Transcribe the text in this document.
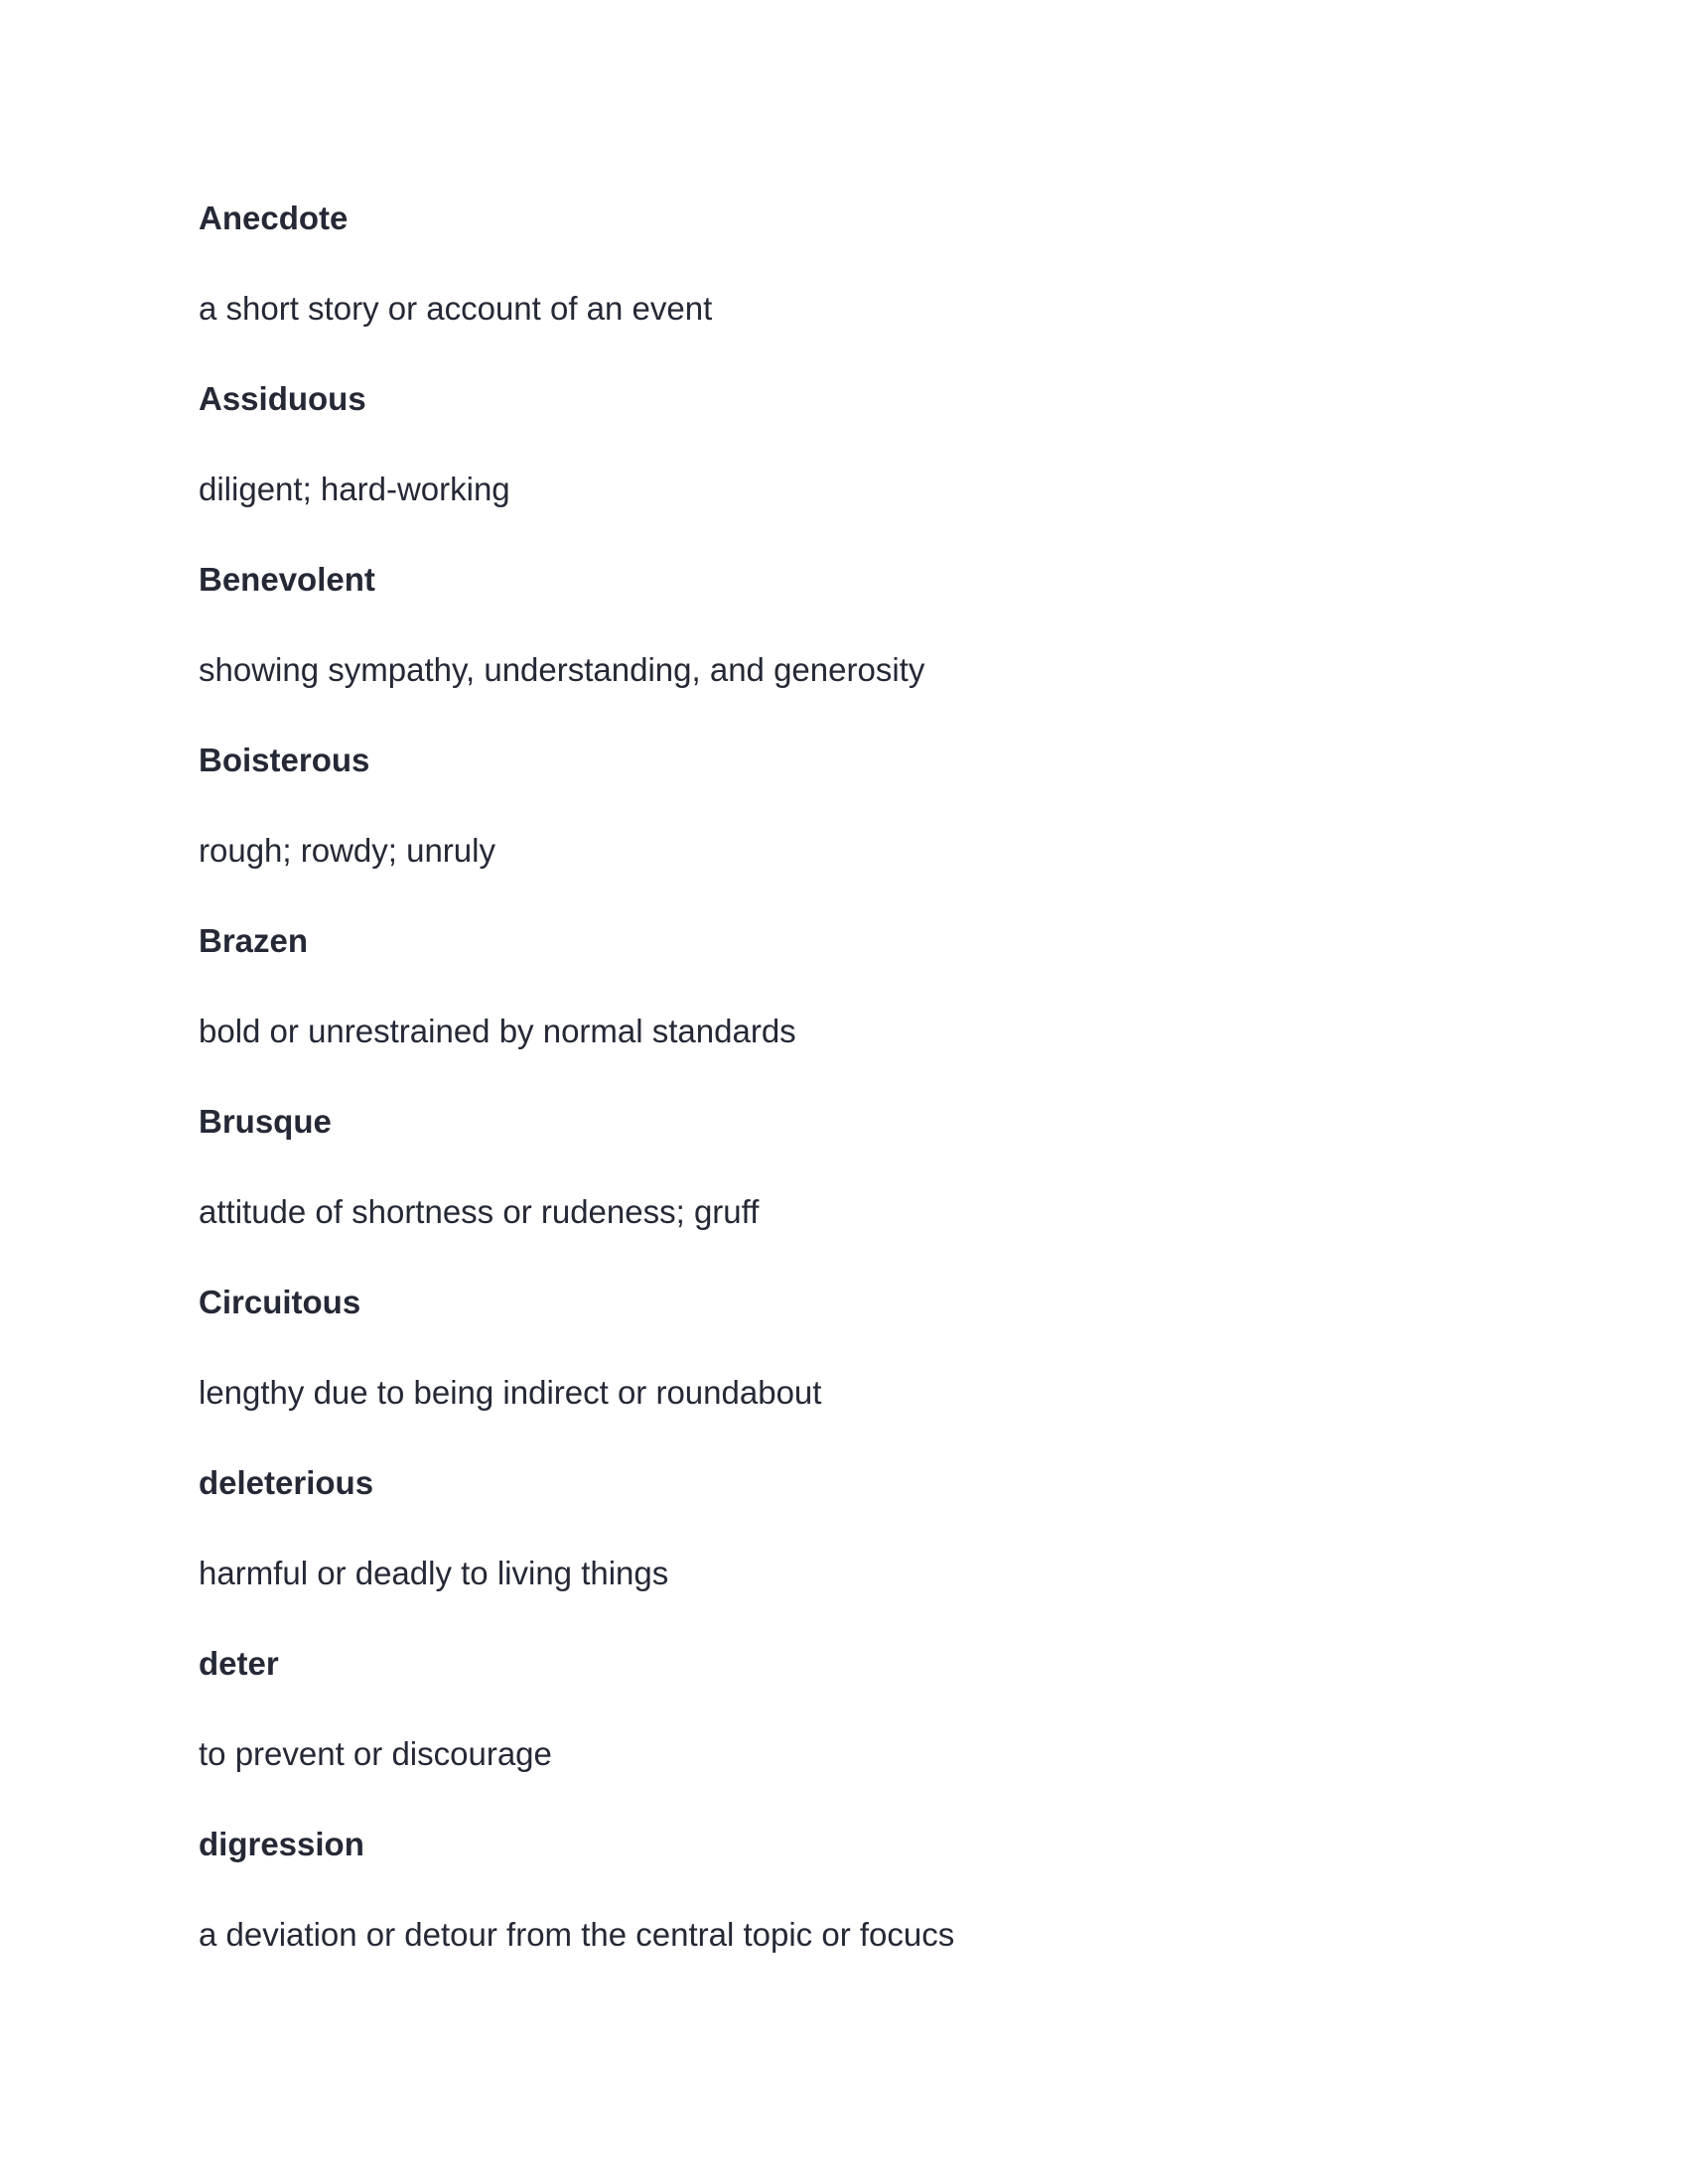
Anecdote
a short story or account of an event
Assiduous
diligent; hard-working
Benevolent
showing sympathy, understanding, and generosity
Boisterous
rough; rowdy; unruly
Brazen
bold or unrestrained by normal standards
Brusque
attitude of shortness or rudeness; gruff
Circuitous
lengthy due to being indirect or roundabout
deleterious
harmful or deadly to living things
deter
to prevent or discourage
digression
a deviation or detour from the central topic or focucs
